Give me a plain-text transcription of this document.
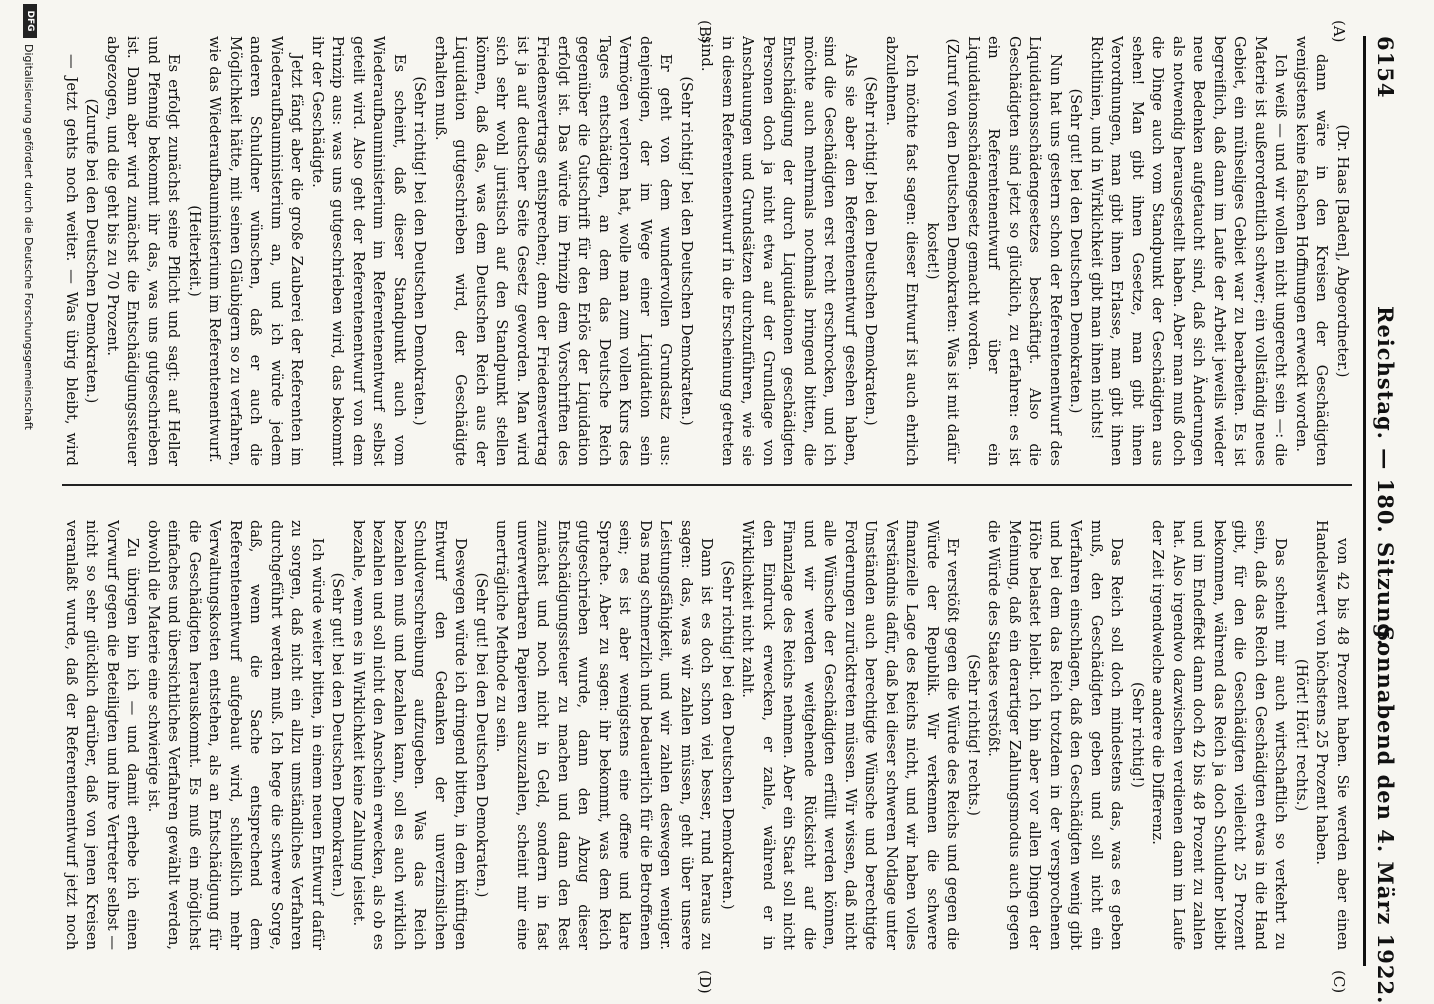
6154
Reichstag. — 180. Sitzung.
Sonnabend den 4. März 1922.
(A)
(B)
(C)
(D)

(Dr. Haas [Baden], Abgeordneter.)

dann wäre in den Kreisen der Geschädigten wenigstens keine falschen Hoffnungen erweckt worden.

Ich weiß — und wir wollen nicht ungerecht sein —: die Materie ist außerordentlich schwer; ein vollständig neues Gebiet, ein mühseliges Gebiet war zu bearbeiten. Es ist begreiflich, daß dann im Laufe der Arbeit jeweils wieder neue Bedenken aufgetaucht sind, daß sich Änderungen als notwendig herausgestellt haben. Aber man muß doch die Dinge auch vom Standpunkt der Geschädigten aus sehen! Man gibt ihnen Gesetze, man gibt ihnen Verordnungen, man gibt ihnen Erlasse, man gibt ihnen Richtlinien, und in Wirklichkeit gibt man ihnen nichts!

(Sehr gut! bei den Deutschen Demokraten.)

Nun hat uns gestern schon der Referentenentwurf des Liquidationsschädengesetzes beschäftigt. Also die Geschädigten sind jetzt so glücklich, zu erfahren: es ist ein Referentenentwurf über ein Liquidationsschädengesetz gemacht worden.

(Zuruf von den Deutschen Demokraten: Was ist mit dafür kostet!)

Ich möchte fast sagen: dieser Entwurf ist auch ehrlich abzulehnen.

(Sehr richtig! bei den Deutschen Demokraten.)

Als sie aber den Referentenentwurf gesehen haben, sind die Geschädigten erst recht erschrocken, und ich möchte auch mehrmals nochmals bringend bitten, die Entschädigung der durch Liquidationen geschädigten Personen doch ja nicht etwa auf der Grundlage von Anschauungen und Grundsätzen durchzuführen, wie sie in diesem Referentenentwurf in die Erscheinung getreten sind.

(Sehr richtig! bei den Deutschen Demokraten.)

Er geht von dem wundervollen Grundsatz aus: denjenigen, der im Wege einer Liquidation sein Vermögen verloren hat, wolle man zum vollen Kurs des Tages entschädigen, an dem das Deutsche Reich gegenüber die Gutschrift für den Erlös der Liquidation erfolgt ist. Das würde im Prinzip dem Vorschriften des Friedensvertrags entsprechen; denn der Friedensvertrag ist ja auf deutscher Seite Gesetz geworden. Man wird sich sehr wohl juristisch auf den Standpunkt stellen können, daß das, was dem Deutschen Reich aus der Liquidation gutgeschrieben wird, der Geschädigte erhalten muß.

(Sehr richtig! bei den Deutschen Demokraten.)

Es scheint, daß dieser Standpunkt auch vom Wiederaufbauministerium im Referentenentwurf selbst geteilt wird. Also geht der Referentenentwurf von dem Prinzip aus: was uns gutgeschrieben wird, das bekommt ihr der Geschädigte.

Jetzt fängt aber die große Zauberei der Referenten im Wiederaufbauministerium an, und ich würde jedem anderen Schuldner wünschen, daß er auch die Möglichkeit hätte, mit seinen Gläubigern so zu verfahren, wie das Wiederaufbauministerium im Referentenentwurf.

(Heiterkeit.)

Es erfolgt zunächst seine Pflicht und sagt: auf Heller und Pfennig bekommt ihr das, was uns gutgeschrieben ist. Dann aber wird zunächst die Entschädigungssteuer abgezogen, und die geht bis zu 70 Prozent.

(Zurufe bei den Deutschen Demokraten.)

— Jetzt gehts noch weiter. — Was übrig bleibt, wird

von 42 bis 48 Prozent haben. Sie werden aber einen Handelswert von höchstens 25 Prozent haben.

(Hört! Hört! rechts.)

Das scheint mir auch wirtschaftlich so verkehrt zu sein, daß das Reich den Geschädigten etwas in die Hand gibt, für den die Geschädigten vielleicht 25 Prozent bekommen, während das Reich ja doch Schuldner bleibt und im Endeffekt dann doch 42 bis 48 Prozent zu zahlen hat. Also irgendwo dazwischen verdienen dann im Laufe der Zeit irgendwelche andere die Differenz.

(Sehr richtig!)

Das Reich soll doch mindestens das, was es geben muß, den Geschädigten geben und soll nicht ein Verfahren einschlagen, daß den Geschädigten wenig gibt und bei dem das Reich trotzdem in der versprochenen Höhe belastet bleibt. Ich bin aber vor allen Dingen der Meinung, daß ein derartiger Zahlungsmodus auch gegen die Würde des Staates verstößt.

(Sehr richtig! rechts.)

Er verstößt gegen die Würde des Reichs und gegen die Würde der Republik. Wir verkennen die schwere finanzielle Lage des Reichs nicht, und wir haben volles Verständnis dafür, daß bei dieser schweren Notlage unter Umständen auch berechtigte Wünsche und berechtigte Forderungen zurücktreten müssen. Wir wissen, daß nicht alle Wünsche der Geschädigten erfüllt werden können, und wir werden weitgehende Rücksicht auf die Finanzlage des Reichs nehmen. Aber ein Staat soll nicht den Eindruck erwecken, er zahle, während er in Wirklichkeit nicht zahlt.

(Sehr richtig! bei den Deutschen Demokraten.)

Dann ist es doch schon viel besser, rund heraus zu sagen: das, was wir zahlen müssen, geht über unsere Leistungsfähigkeit, und wir zahlen deswegen weniger. Das mag schmerzlich und bedauerlich für die Betroffenen sein; es ist aber wenigstens eine offene und klare Sprache. Aber zu sagen: ihr bekommt, was dem Reich gutgeschrieben wurde, dann den Abzug dieser Entschädigungssteuer zu machen und dann den Rest zunächst und noch nicht in Geld, sondern in fast unverwertbaren Papieren auszuzahlen, scheint mir eine unerträgliche Methode zu sein.

(Sehr gut! bei den Deutschen Demokraten.)

Deswegen würde ich dringend bitten, in dem künftigen Entwurf den Gedanken der unverzinslichen Schuldverschreibung aufzugeben. Was das Reich bezahlen muß und bezahlen kann, soll es auch wirklich bezahlen und soll nicht den Anschein erwecken, als ob es bezahle, wenn es in Wirklichkeit keine Zahlung leistet.

(Sehr gut! bei den Deutschen Demokraten.)

Ich würde weiter bitten, in einem neuen Entwurf dafür zu sorgen, daß nicht ein allzu umständliches Verfahren durchgeführt werden muß. Ich hege die schwere Sorge, daß, wenn die Sache entsprechend dem Referentenentwurf aufgebaut wird, schließlich mehr Verwaltungskosten entstehen, als an Entschädigung für die Geschädigten herauskommt. Es muß ein möglichst einfaches und übersichtliches Verfahren gewählt werden, obwohl die Materie eine schwierige ist.

Zu übrigen bin ich — und damit erhebe ich einen Vorwurf gegen die Beteiligten und ihre Vertreter selbst — nicht so sehr glücklich darüber, daß von jenen Kreisen veranlaßt wurde, daß der Referentenentwurf jetzt noch

DFG
Digitalisierung gefördert durch die Deutsche Forschungsgemeinschaft
